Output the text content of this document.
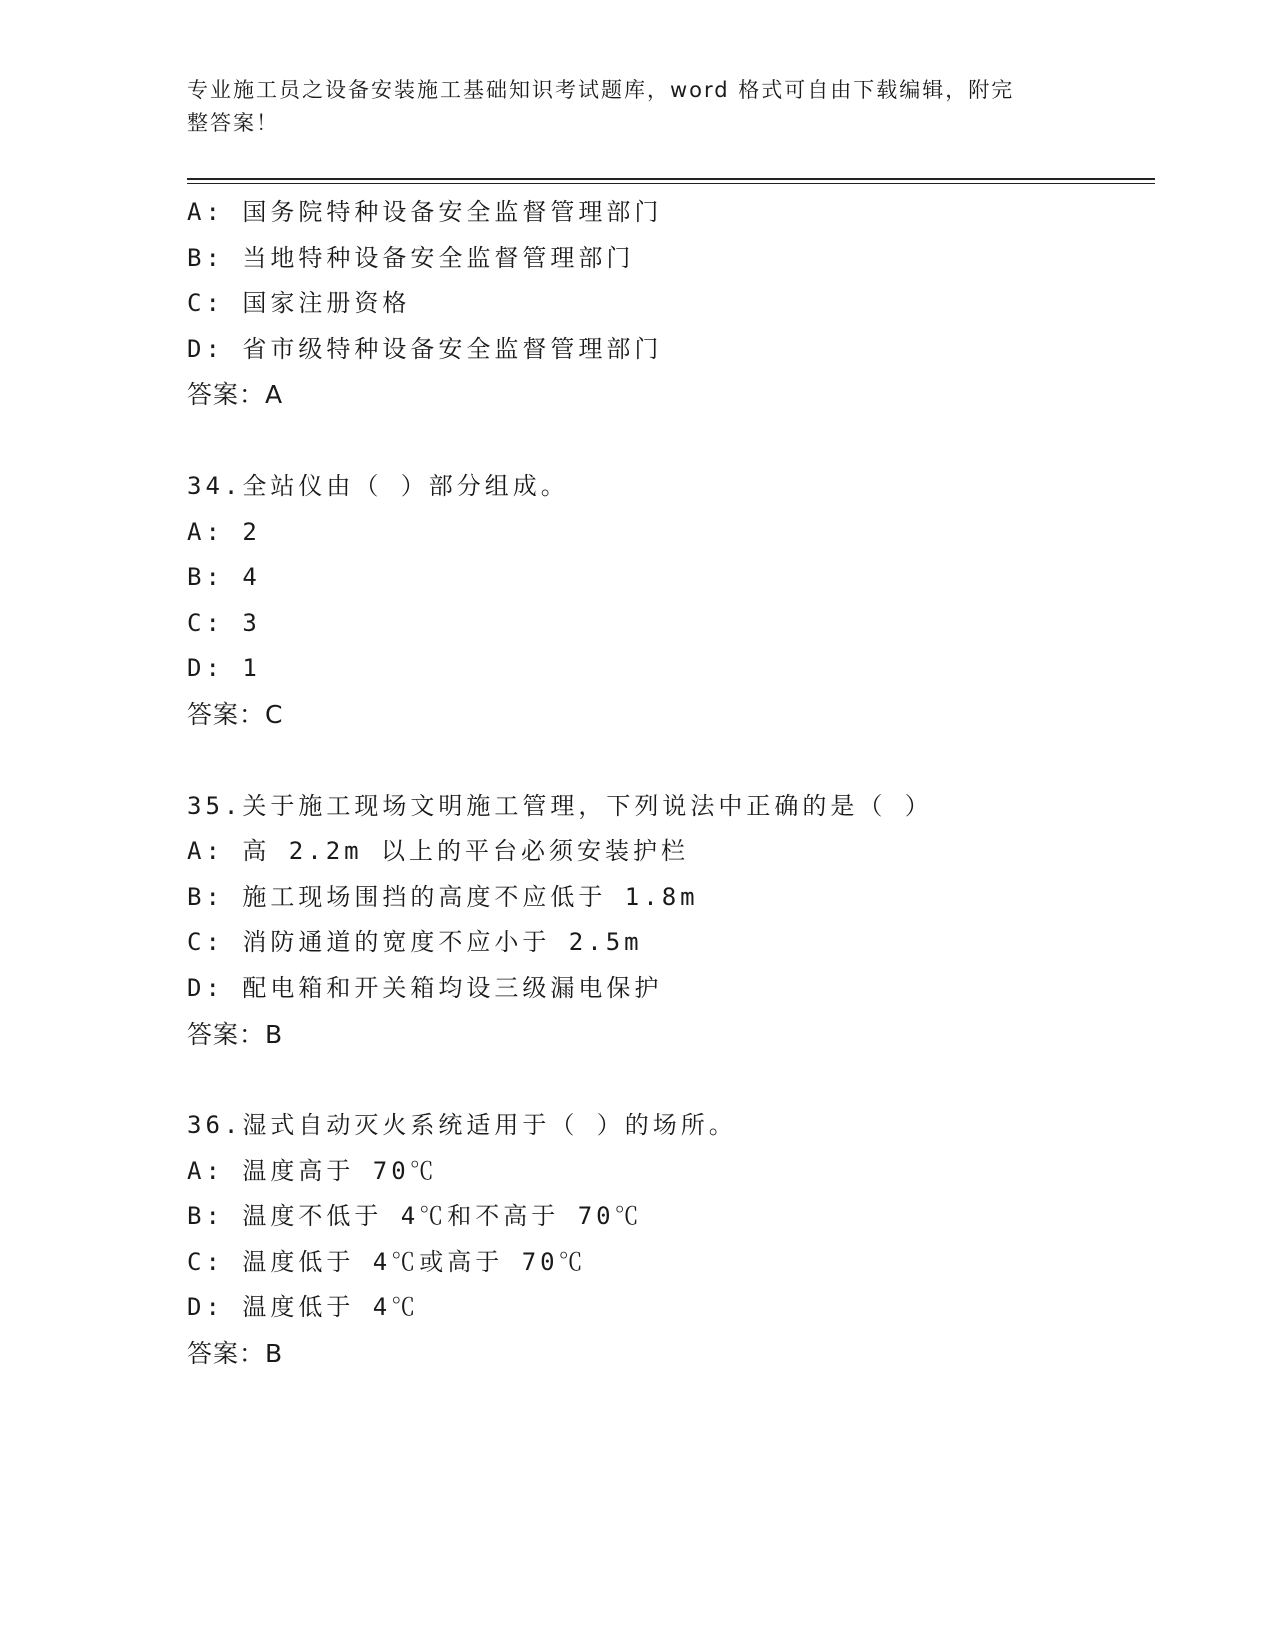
专业施工员之设备安装施工基础知识考试题库，word 格式可自由下载编辑，附完
整答案！
A: 国务院特种设备安全监督管理部门
B: 当地特种设备安全监督管理部门
C: 国家注册资格
D: 省市级特种设备安全监督管理部门
答案：A
34.全站仪由（ ）部分组成。
A: 2
B: 4
C: 3
D: 1
答案：C
35.关于施工现场文明施工管理，下列说法中正确的是（ ）
A: 高 2.2m 以上的平台必须安装护栏
B: 施工现场围挡的高度不应低于 1.8m
C: 消防通道的宽度不应小于 2.5m
D: 配电箱和开关箱均设三级漏电保护
答案：B
36.湿式自动灭火系统适用于（ ）的场所。
A: 温度高于 70℃
B: 温度不低于 4℃和不高于 70℃
C: 温度低于 4℃或高于 70℃
D: 温度低于 4℃
答案：B
